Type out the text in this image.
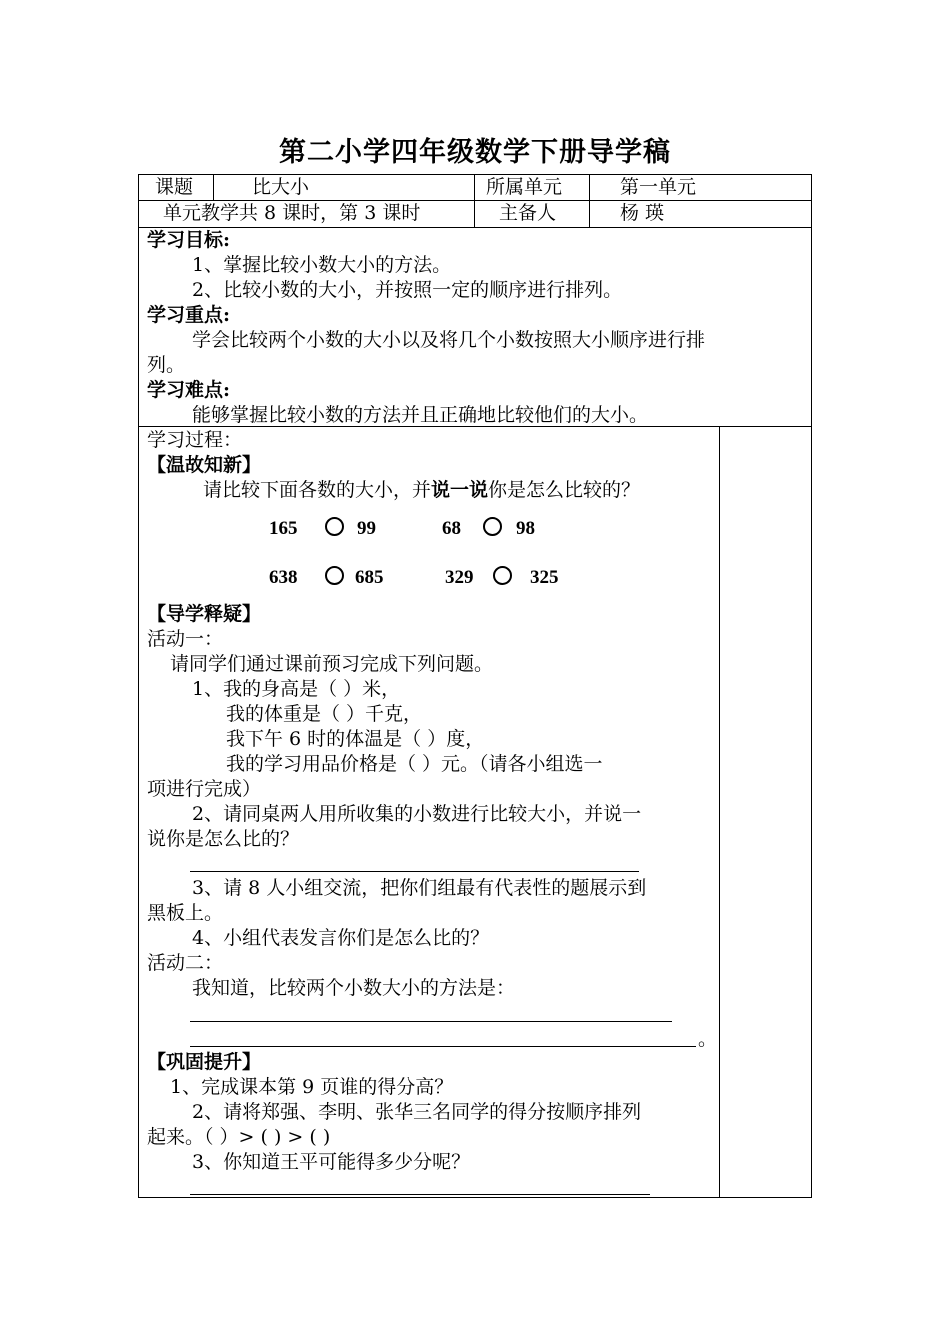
第二小学四年级数学下册导学稿
课题	比大小	所属单元	第一单元
单元教学共 8 课时，第 3 课时	主备人	杨 瑛
学习目标:
1、掌握比较小数大小的方法。
2、比较小数的大小，并按照一定的顺序进行排列。
学习重点:
学会比较两个小数的大小以及将几个小数按照大小顺序进行排
列。
学习难点:
能够掌握比较小数的方法并且正确地比较他们的大小。
学习过程：
【温故知新】
请比较下面各数的大小，并说一说你是怎么比较的？
165	99	68	98
638	685	329	325
【导学释疑】
活动一：
请同学们通过课前预习完成下列问题。
1、我的身高是（ ）米，
我的体重是（ ）千克，
我下午 6 时的体温是（ ）度，
我的学习用品价格是（ ）元。（请各小组选一
项进行完成）
2、请同桌两人用所收集的小数进行比较大小，并说一
说你是怎么比的？
3、请 8 人小组交流，把你们组最有代表性的题展示到
黑板上。
4、小组代表发言你们是怎么比的？
活动二：
我知道，比较两个小数大小的方法是：
。
【巩固提升】
1、完成课本第 9 页谁的得分高？
2、请将郑强、李明、张华三名同学的得分按顺序排列
起来。（ ）> ( ) > ( )
3、你知道王平可能得多少分呢？
